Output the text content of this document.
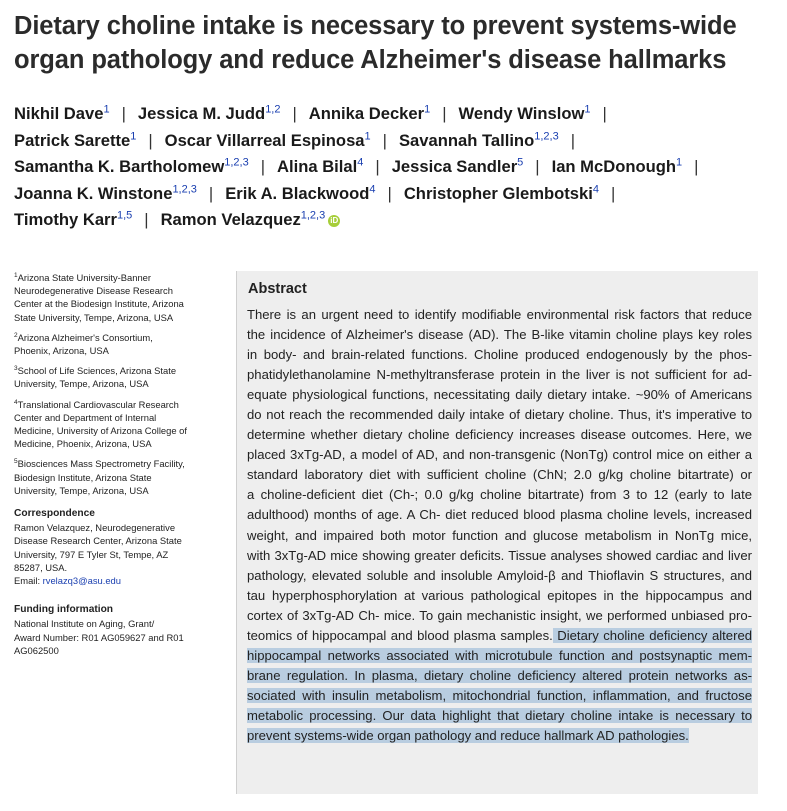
Dietary choline intake is necessary to prevent systems-wide organ pathology and reduce Alzheimer's disease hallmarks
Nikhil Dave$^1$ | Jessica M. Judd$^{1,2}$ | Annika Decker$^1$ | Wendy Winslow$^1$ |
Patrick Sarette$^1$ | Oscar Villarreal Espinosa$^1$ | Savannah Tallino$^{1,2,3}$ |
Samantha K. Bartholomew$^{1,2,3}$ | Alina Bilal$^4$ | Jessica Sandler$^5$ | Ian McDonough$^1$ |
Joanna K. Winstone$^{1,2,3}$ | Erik A. Blackwood$^4$ | Christopher Glembotski$^4$ |
Timothy Karr$^{1,5}$ | Ramon Velazquez$^{1,2,3}$ iD
$^1$Arizona State University-Banner
Neurodegenerative Disease Research
Center at the Biodesign Institute, Arizona
State University, Tempe, Arizona, USA
$^2$Arizona Alzheimer's Consortium,
Phoenix, Arizona, USA
$^3$School of Life Sciences, Arizona State
University, Tempe, Arizona, USA
$^4$Translational Cardiovascular Research
Center and Department of Internal
Medicine, University of Arizona College of
Medicine, Phoenix, Arizona, USA
$^5$Biosciences Mass Spectrometry Facility,
Biodesign Institute, Arizona State
University, Tempe, Arizona, USA
Correspondence
Ramon Velazquez, Neurodegenerative
Disease Research Center, Arizona State
University, 797 E Tyler St, Tempe, AZ
85287, USA.
Email: rvelazq3@asu.edu
Funding information
National Institute on Aging, Grant/
Award Number: R01 AG059627 and R01
AG062500
Abstract
There is an urgent need to identify modifiable environmental risk factors that reduce
the incidence of Alzheimer's disease (AD). The B-like vitamin choline plays key roles
in body- and brain-related functions. Choline produced endogenously by the phos-
phatidylethanolamine N-methyltransferase protein in the liver is not sufficient for ad-
equate physiological functions, necessitating daily dietary intake. ~90% of Americans
do not reach the recommended daily intake of dietary choline. Thus, it's imperative to
determine whether dietary choline deficiency increases disease outcomes. Here, we
placed 3xTg-AD, a model of AD, and non-transgenic (NonTg) control mice on either a
standard laboratory diet with sufficient choline (ChN; 2.0 g/kg choline bitartrate) or
a choline-deficient diet (Ch-; 0.0 g/kg choline bitartrate) from 3 to 12 (early to late
adulthood) months of age. A Ch- diet reduced blood plasma choline levels, increased
weight, and impaired both motor function and glucose metabolism in NonTg mice,
with 3xTg-AD mice showing greater deficits. Tissue analyses showed cardiac and liver
pathology, elevated soluble and insoluble Amyloid-β and Thioflavin S structures, and
tau hyperphosphorylation at various pathological epitopes in the hippocampus and
cortex of 3xTg-AD Ch- mice. To gain mechanistic insight, we performed unbiased pro-
teomics of hippocampal and blood plasma samples. Dietary choline deficiency altered
hippocampal networks associated with microtubule function and postsynaptic mem-
brane regulation. In plasma, dietary choline deficiency altered protein networks as-
sociated with insulin metabolism, mitochondrial function, inflammation, and fructose
metabolic processing. Our data highlight that dietary choline intake is necessary to
prevent systems-wide organ pathology and reduce hallmark AD pathologies.
